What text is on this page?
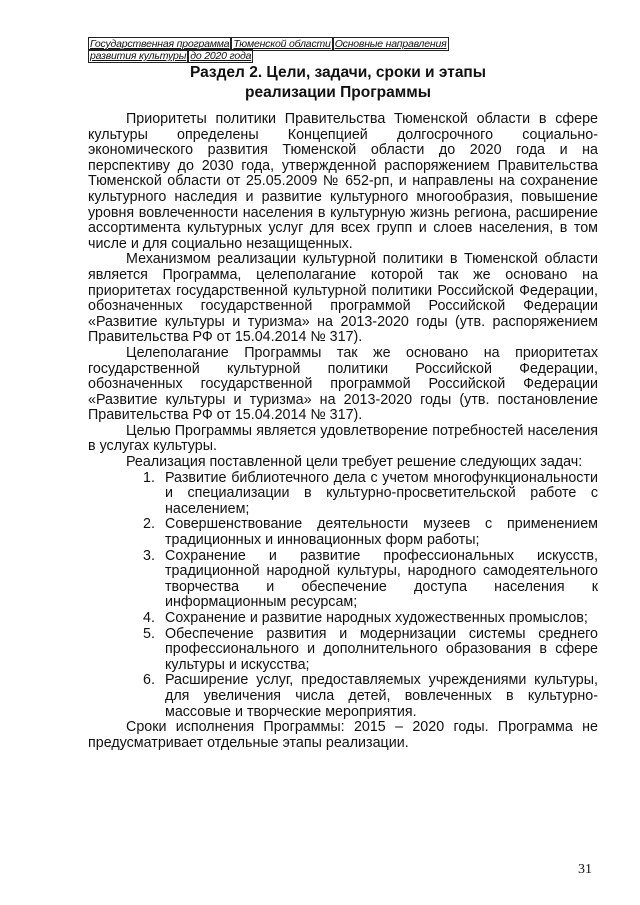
Государственная программа Тюменской области Основные направления
развития культуры до 2020 года
Раздел 2. Цели, задачи, сроки и этапы
реализации Программы

Приоритеты политики Правительства Тюменской области в сфере культуры определены Концепцией долгосрочного социально-экономического развития Тюменской области до 2020 года и на перспективу до 2030 года, утвержденной распоряжением Правительства Тюменской области от 25.05.2009 № 652-рп, и направлены на сохранение культурного наследия и развитие культурного многообразия, повышение уровня вовлеченности населения в культурную жизнь региона, расширение ассортимента культурных услуг для всех групп и слоев населения, в том числе и для социально незащищенных.

Механизмом реализации культурной политики в Тюменской области является Программа, целеполагание которой так же основано на приоритетах государственной культурной политики Российской Федерации, обозначенных государственной программой Российской Федерации «Развитие культуры и туризма» на 2013-2020 годы (утв. распоряжением Правительства РФ от 15.04.2014 № 317).

Целеполагание Программы так же основано на приоритетах государственной культурной политики Российской Федерации, обозначенных государственной программой Российской Федерации «Развитие культуры и туризма» на 2013-2020 годы (утв. постановление Правительства РФ от 15.04.2014 № 317).

Целью Программы является удовлетворение потребностей населения в услугах культуры.

Реализация поставленной цели требует решение следующих задач:

1. Развитие библиотечного дела с учетом многофункциональности и специализации в культурно-просветительской работе с населением;
2. Совершенствование деятельности музеев с применением традиционных и инновационных форм работы;
3. Сохранение и развитие профессиональных искусств, традиционной народной культуры, народного самодеятельного творчества и обеспечение доступа населения к информационным ресурсам;
4. Сохранение и развитие народных художественных промыслов;
5. Обеспечение развития и модернизации системы среднего профессионального и дополнительного образования в сфере культуры и искусства;
6. Расширение услуг, предоставляемых учреждениями культуры, для увеличения числа детей, вовлеченных в культурно-массовые и творческие мероприятия.

Сроки исполнения Программы: 2015 – 2020 годы. Программа не предусматривает отдельные этапы реализации.

31
